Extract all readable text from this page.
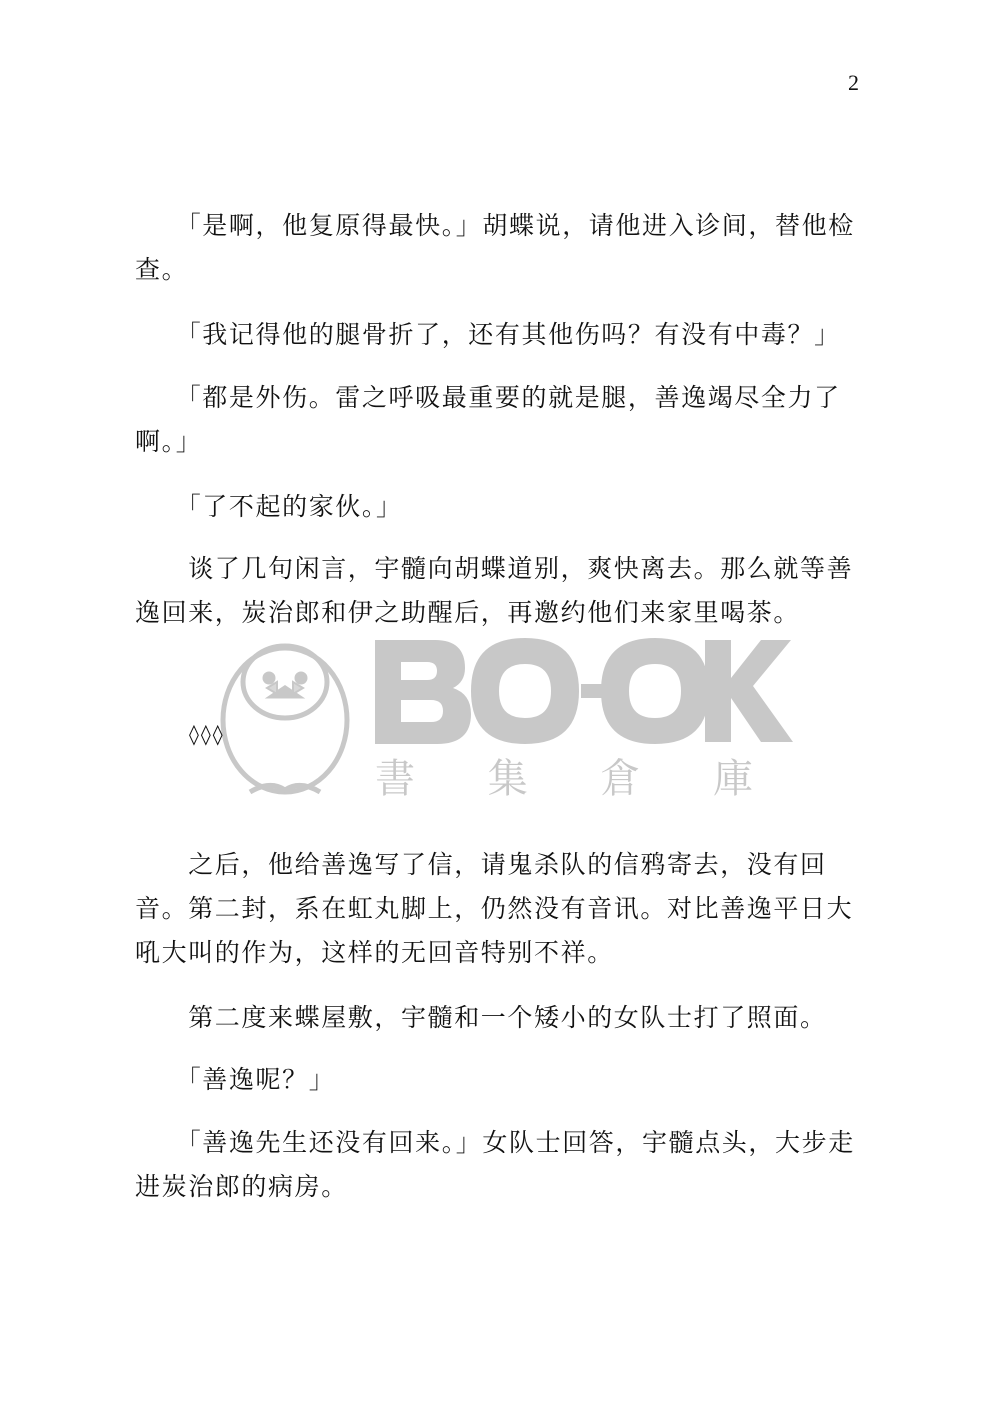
2

　　「是啊，他复原得最快。」胡蝶说，请他进入诊间，替他检查。

　　「我记得他的腿骨折了，还有其他伤吗？有没有中毒？」

　　「都是外伤。雷之呼吸最重要的就是腿，善逸竭尽全力了啊。」

　　「了不起的家伙。」

　　谈了几句闲言，宇髓向胡蝶道别，爽快离去。那么就等善逸回来，炭治郎和伊之助醒后，再邀约他们来家里喝茶。

書 集 倉 庫
◊◊◊

　　之后，他给善逸写了信，请鬼杀队的信鸦寄去，没有回音。第二封，系在虹丸脚上，仍然没有音讯。对比善逸平日大吼大叫的作为，这样的无回音特别不祥。

　　第二度来蝶屋敷，宇髓和一个矮小的女队士打了照面。

　　「善逸呢？」

　　「善逸先生还没有回来。」女队士回答，宇髓点头，大步走进炭治郎的病房。
